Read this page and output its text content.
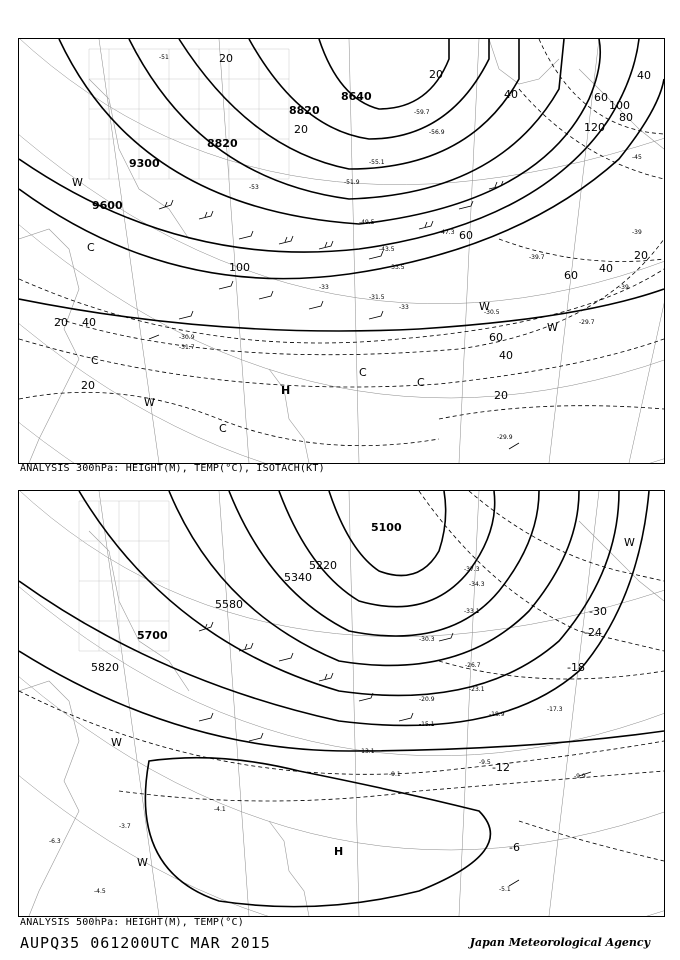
8640
8820
8820
9300
9600
20
20
20
40
40
60
60
60
40
20
100
120
100
80
40
20
60
40
20
20
-51
-53
-45
-39
-33
-33
-39
C
C
C
C
C
W
W
W
W
H
-59.7
-56.9
-55.1
-51.9
-49.5
-47.3
-43.5
-39.7
-33.5
-31.5
-30.5
-29.7
-31.7
-30.9
-29.9
ANALYSIS 300hPa: HEIGHT(M), TEMP(°C), ISOTACH(KT)
5100
5220
5340
5580
5700
5820
-30
-24
-18
-12
-6
W
W
W
H
-37.3
-34.3
-33.1
-30.3
-26.7
-23.1
-20.9
-18.9
-17.3
-15.1
-13.1
-9.5
-9.1	-9.9
-5.1
-4.1
-3.7
-6.3
-4.5
ANALYSIS 500hPa: HEIGHT(M), TEMP(°C)
AUPQ35 061200UTC MAR 2015	Japan Meteorological Agency
